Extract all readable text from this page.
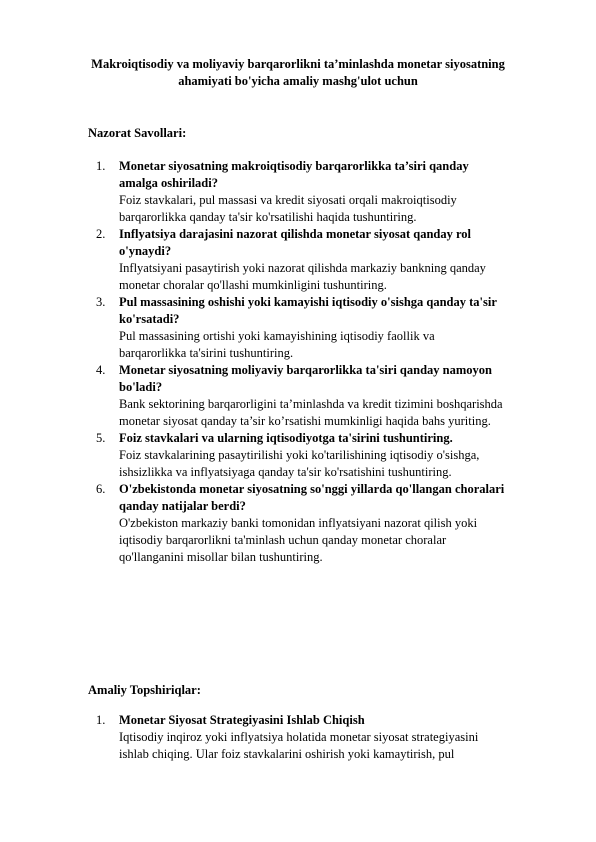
Makroiqtisodiy va moliyaviy barqarorlikni ta’minlashda monetar siyosatning
ahamiyati bo'yicha amaliy mashg'ulot uchun
Nazorat Savollari:
1. Monetar siyosatning makroiqtisodiy barqarorlikka ta’siri qanday
amalga oshiriladi?
Foiz stavkalari, pul massasi va kredit siyosati orqali makroiqtisodiy
barqarorlikka qanday ta'sir ko'rsatilishi haqida tushuntiring.
2. Inflyatsiya darajasini nazorat qilishda monetar siyosat qanday rol
o'ynaydi?
Inflyatsiyani pasaytirish yoki nazorat qilishda markaziy bankning qanday
monetar choralar qo'llashi mumkinligini tushuntiring.
3. Pul massasining oshishi yoki kamayishi iqtisodiy o'sishga qanday ta'sir
ko'rsatadi?
Pul massasining ortishi yoki kamayishining iqtisodiy faollik va
barqarorlikka ta'sirini tushuntiring.
4. Monetar siyosatning moliyaviy barqarorlikka ta'siri qanday namoyon
bo'ladi?
Bank sektorining barqarorligini ta’minlashda va kredit tizimini boshqarishda
monetar siyosat qanday ta’sir ko’rsatishi mumkinligi haqida bahs yuriting.
5. Foiz stavkalari va ularning iqtisodiyotga ta'sirini tushuntiring.
Foiz stavkalarining pasaytirilishi yoki ko'tarilishining iqtisodiy o'sishga,
ishsizlikka va inflyatsiyaga qanday ta'sir ko'rsatishini tushuntiring.
6. O'zbekistonda monetar siyosatning so'nggi yillarda qo'llangan choralari
qanday natijalar berdi?
O'zbekiston markaziy banki tomonidan inflyatsiyani nazorat qilish yoki
iqtisodiy barqarorlikni ta'minlash uchun qanday monetar choralar
qo'llanganini misollar bilan tushuntiring.
Amaliy Topshiriqlar:
1. Monetar Siyosat Strategiyasini Ishlab Chiqish
Iqtisodiy inqiroz yoki inflyatsiya holatida monetar siyosat strategiyasini
ishlab chiqing. Ular foiz stavkalarini oshirish yoki kamaytirish, pul
